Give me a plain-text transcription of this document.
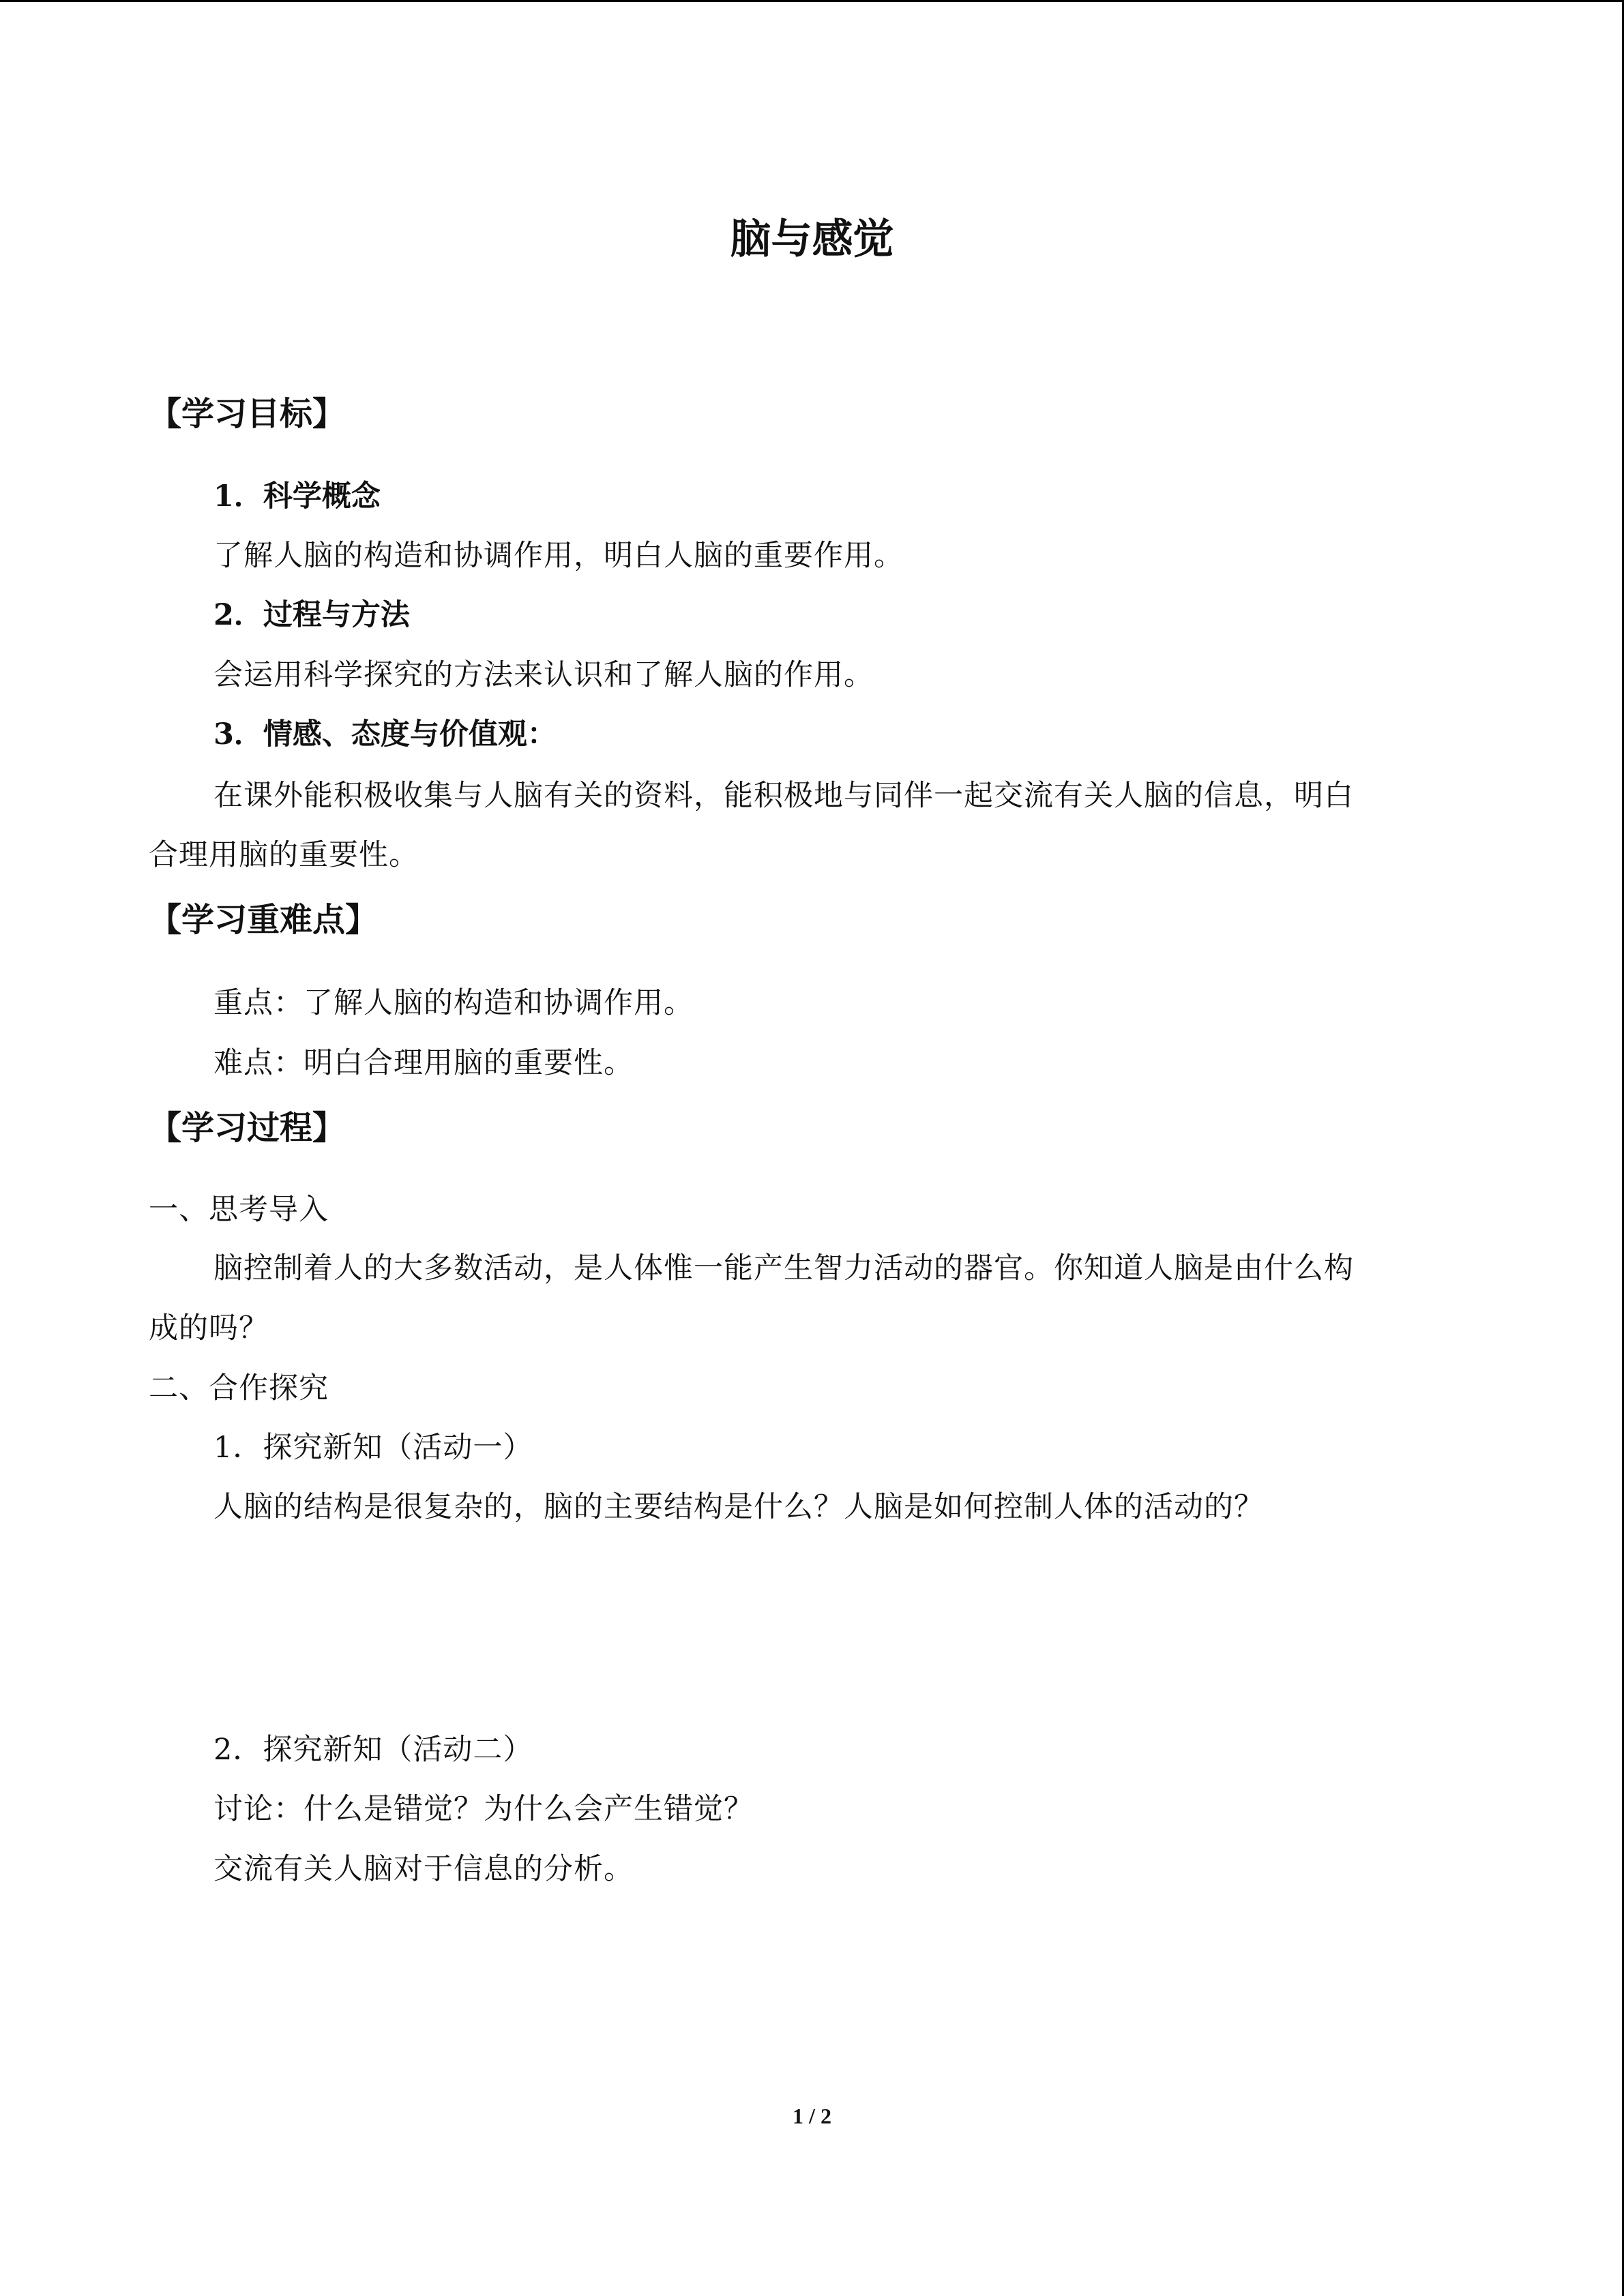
脑与感觉
【学习目标】
1．科学概念
了解人脑的构造和协调作用，明白人脑的重要作用。
2．过程与方法
会运用科学探究的方法来认识和了解人脑的作用。
3．情感、态度与价值观：
在课外能积极收集与人脑有关的资料，能积极地与同伴一起交流有关人脑的信息，明白
合理用脑的重要性。
【学习重难点】
重点：了解人脑的构造和协调作用。
难点：明白合理用脑的重要性。
【学习过程】
一、思考导入
脑控制着人的大多数活动，是人体惟一能产生智力活动的器官。你知道人脑是由什么构
成的吗？
二、合作探究
1．探究新知（活动一）
人脑的结构是很复杂的，脑的主要结构是什么？人脑是如何控制人体的活动的？
2．探究新知（活动二）
讨论：什么是错觉？为什么会产生错觉？
交流有关人脑对于信息的分析。
1 / 2
